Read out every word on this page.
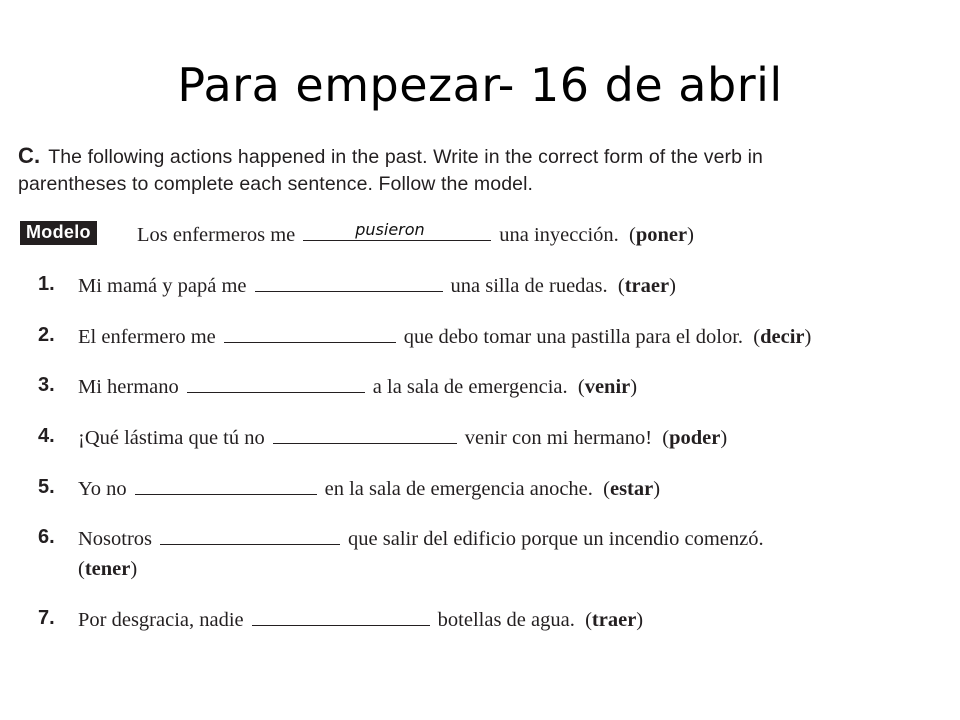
Para empezar- 16 de abril
C. The following actions happened in the past. Write in the correct form of the verb in
parentheses to complete each sentence. Follow the model.
Modelo Los enfermeros me	pusieron	una inyección.  (poner)
1.	Mi mamá y papá me	una silla de ruedas.  (traer)
2.	El enfermero me	que debo tomar una pastilla para el dolor.  (decir)
3.	Mi hermano	a la sala de emergencia.  (venir)
4.	¡Qué lástima que tú no	venir con mi hermano!  (poder)
5.	Yo no	en la sala de emergencia anoche.  (estar)
6.	Nosotros	que salir del edificio porque un incendio comenzó.
(tener)
7.	Por desgracia, nadie	botellas de agua.  (traer)
